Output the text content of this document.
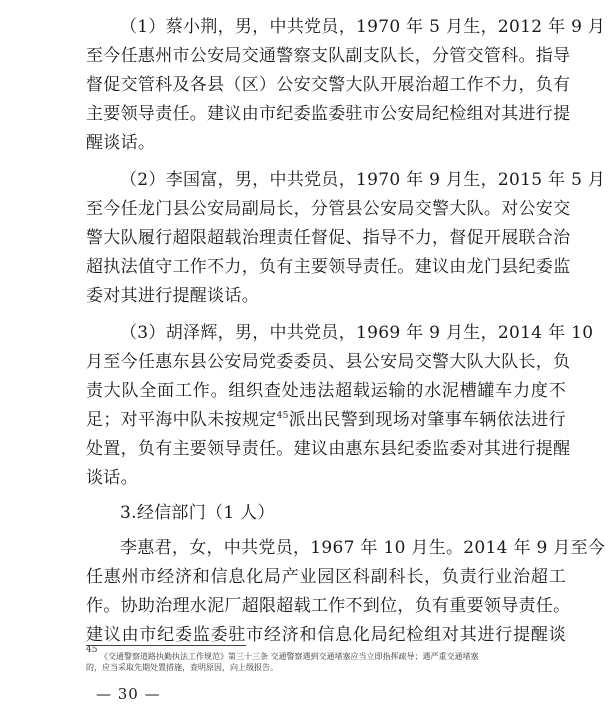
（1）蔡小荆，男，中共党员，1970 年 5 月生，2012 年 9 月
至今任惠州市公安局交通警察支队副支队长，分管交管科。指导
督促交管科及各县（区）公安交警大队开展治超工作不力，负有
主要领导责任。建议由市纪委监委驻市公安局纪检组对其进行提
醒谈话。
（2）李国富，男，中共党员，1970 年 9 月生，2015 年 5 月
至今任龙门县公安局副局长，分管县公安局交警大队。对公安交
警大队履行超限超载治理责任督促、指导不力，督促开展联合治
超执法值守工作不力，负有主要领导责任。建议由龙门县纪委监
委对其进行提醒谈话。
（3）胡泽辉，男，中共党员，1969 年 9 月生，2014 年 10
月至今任惠东县公安局党委委员、县公安局交警大队大队长，负
责大队全面工作。组织查处违法超载运输的水泥槽罐车力度不
足；对平海中队未按规定$^{45}$派出民警到现场对肇事车辆依法进行
处置，负有主要领导责任。建议由惠东县纪委监委对其进行提醒
谈话。
3.经信部门（1 人）
李惠君，女，中共党员，1967 年 10 月生。2014 年 9 月至今
任惠州市经济和信息化局产业园区科副科长，负责行业治超工
作。协助治理水泥厂超限超载工作不到位，负有重要领导责任。
建议由市纪委监委驻市经济和信息化局纪检组对其进行提醒谈
$^{45}$ 《交通警察道路执勤执法工作规范》第三十三条 交通警察遇到交通堵塞应当立即指挥疏导；遇严重交通堵塞
的，应当采取先期处置措施，查明原因，向上级报告。
— 30 —
